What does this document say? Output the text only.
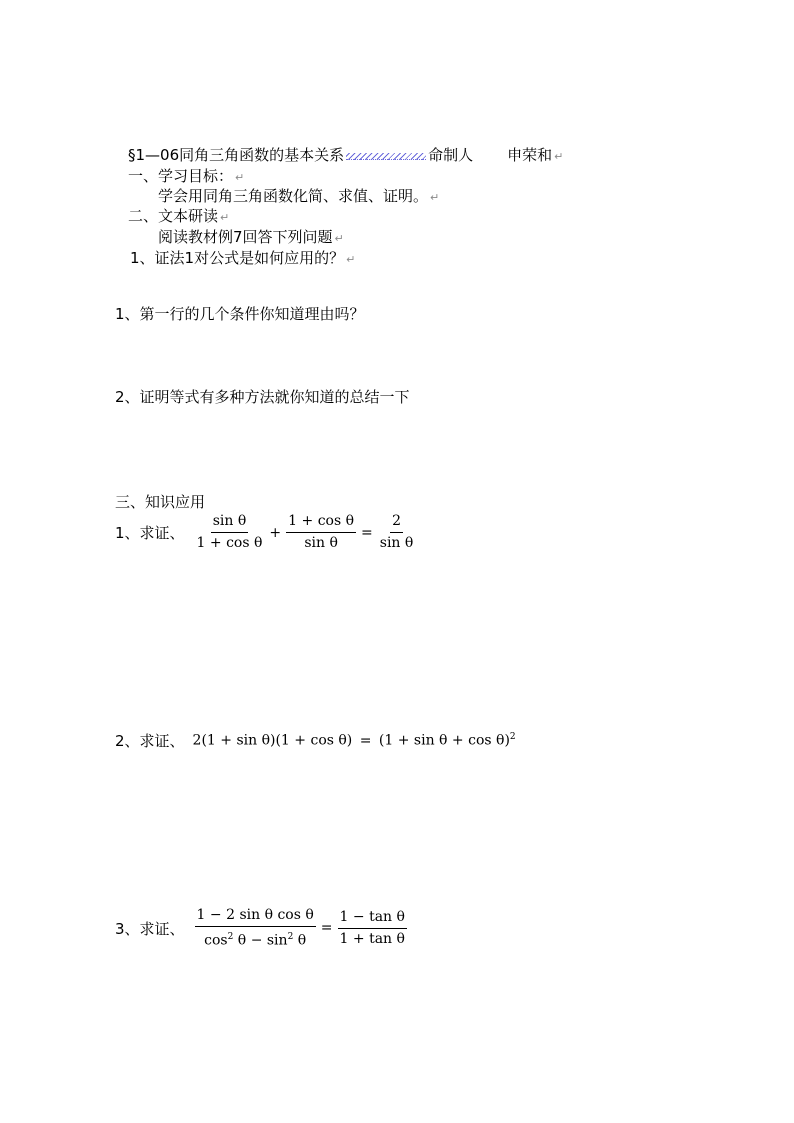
§1—06同角三角函数的基本关系	命制人 申荣和 ↵
一、学习目标： ↵
学会用同角三角函数化简、求值、证明。 ↵
二、文本研读 ↵
阅读教材例7回答下列问题 ↵
1、证法1对公式是如何应用的？ ↵
1、第一行的几个条件你知道理由吗？
2、证明等式有多种方法就你知道的总结一下
三、知识应用
1、求证、 $\frac{\text{sin θ}}{\text{1 + cos θ}} + \frac{\text{1 + cos θ}}{\text{sin θ}} = \frac{2}{\text{sin θ}}$
2、求证、 $2(1 + \sin \theta)(1 + \cos \theta) = (1 + \sin \theta + \cos \theta)^2$
3、求证、 $\frac{\text{1 − 2 sin θ cos θ}}{\cos^2 \theta - \sin^2 \theta} = \frac{\text{1 − tan θ}}{\text{1 + tan θ}}$
